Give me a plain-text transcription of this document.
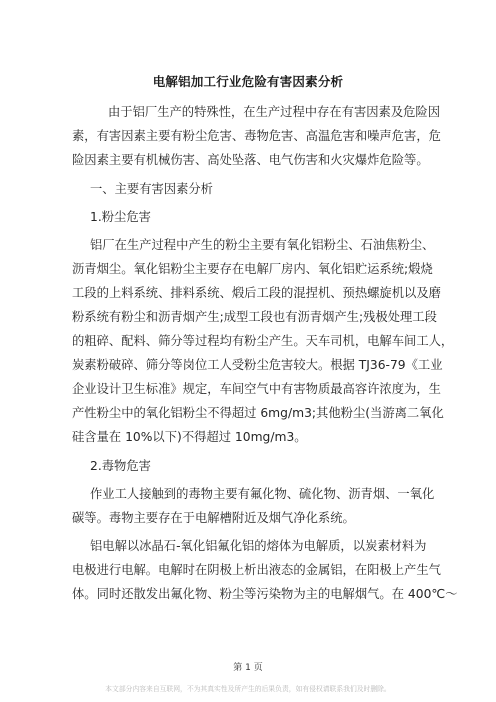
电解铝加工行业危险有害因素分析
由于铝厂生产的特殊性，在生产过程中存在有害因素及危险因
素，有害因素主要有粉尘危害、毒物危害、高温危害和噪声危害，危
险因素主要有机械伤害、高处坠落、电气伤害和火灾爆炸危险等。
一、主要有害因素分析
1.粉尘危害
铝厂在生产过程中产生的粉尘主要有氧化铝粉尘、石油焦粉尘、
沥青烟尘。氧化铝粉尘主要存在电解厂房内、氧化铝贮运系统;煅烧
工段的上料系统、排料系统、煅后工段的混捏机、预热螺旋机以及磨
粉系统有粉尘和沥青烟产生;成型工段也有沥青烟产生;残极处理工段
的粗碎、配料、筛分等过程均有粉尘产生。天车司机，电解车间工人，
炭素粉破碎、筛分等岗位工人受粉尘危害较大。根据 TJ36-79《工业
企业设计卫生标准》规定，车间空气中有害物质最高容许浓度为，生
产性粉尘中的氧化铝粉尘不得超过 6mg/m3;其他粉尘(当游离二氧化
硅含量在 10%以下)不得超过 10mg/m3。
2.毒物危害
作业工人接触到的毒物主要有氟化物、硫化物、沥青烟、一氧化
碳等。毒物主要存在于电解槽附近及烟气净化系统。
铝电解以冰晶石-氧化铝氟化铝的熔体为电解质，以炭素材料为
电极进行电解。电解时在阴极上析出液态的金属铝，在阳极上产生气
体。同时还散发出氟化物、粉尘等污染物为主的电解烟气。在 400℃～
第 1 页
本文部分内容来自互联网，不为其真实性及所产生的后果负责，如有侵权请联系我们及时删除。
